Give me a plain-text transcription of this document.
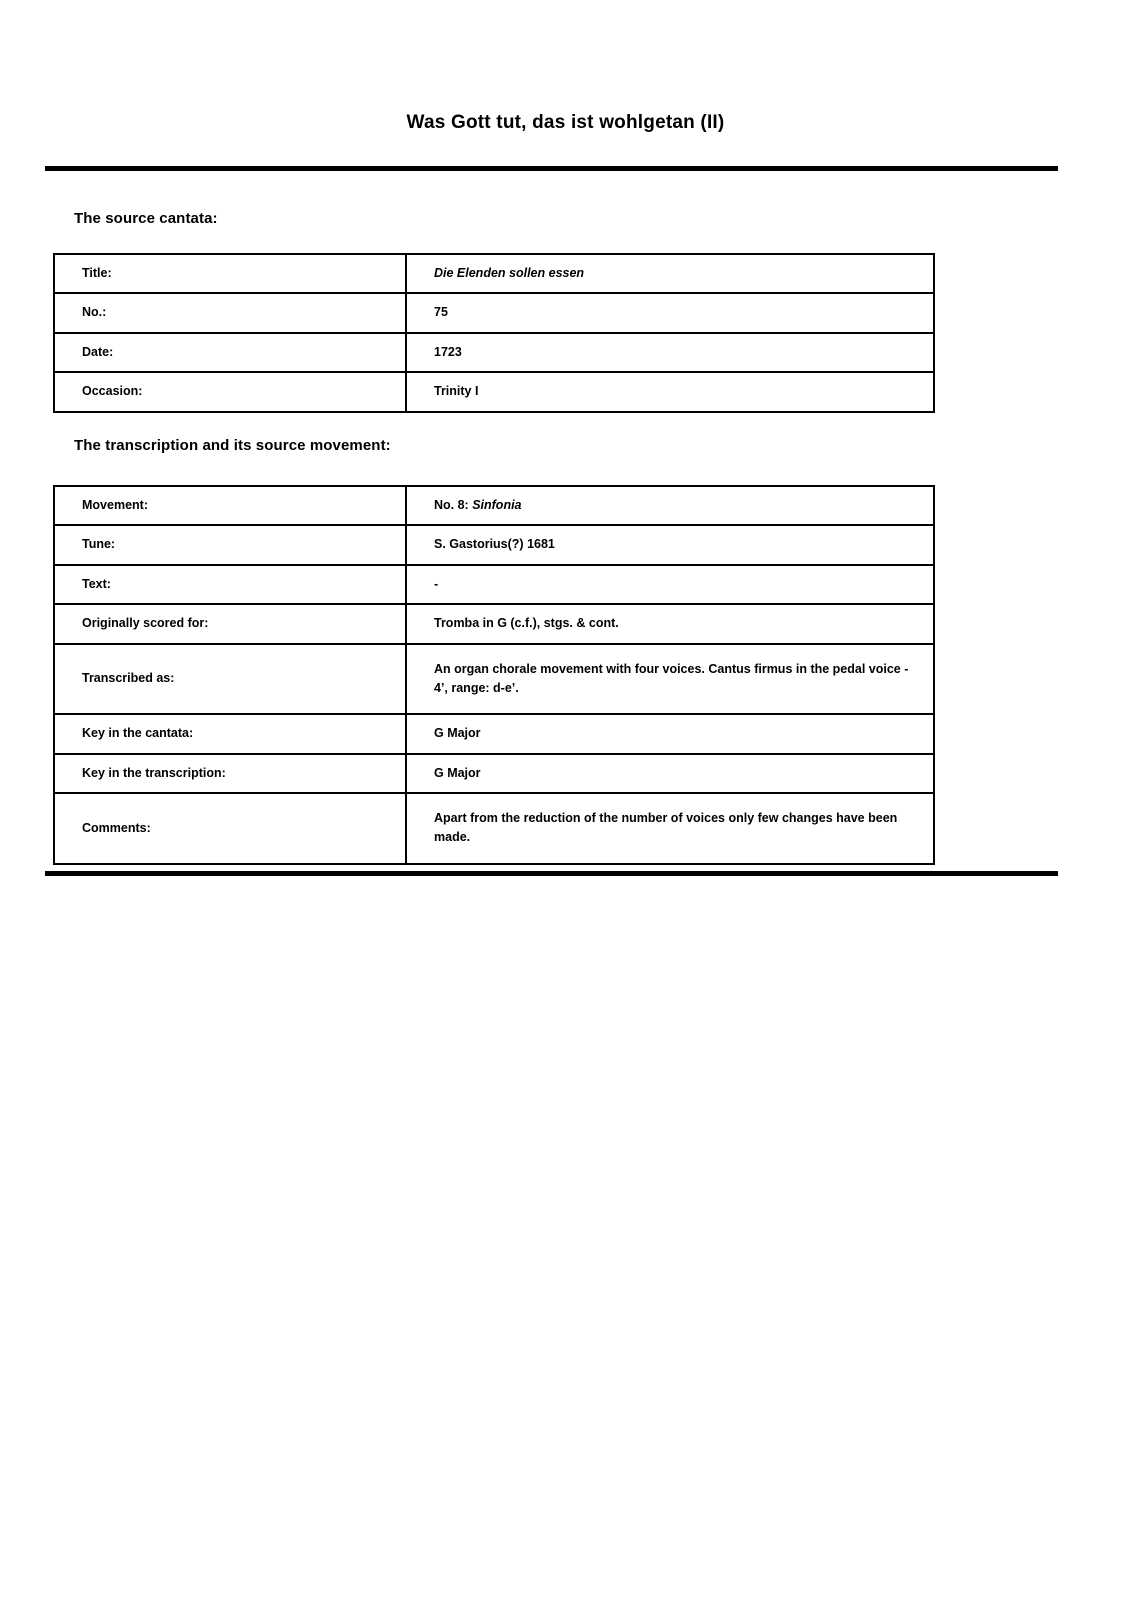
Was Gott tut, das ist wohlgetan (II)
The source cantata:
Title:	Die Elenden sollen essen
No.:	75
Date:	1723
Occasion:	Trinity I
The transcription and its source movement:
Movement:	No. 8: Sinfonia
Tune:	S. Gastorius(?) 1681
Text:	-
Originally scored for:	Tromba in G (c.f.), stgs. & cont.
Transcribed as:	An organ chorale movement with four voices. Cantus firmus in the pedal voice - 4’, range: d-e’.
Key in the cantata:	G Major
Key in the transcription:	G Major
Comments:	Apart from the reduction of the number of voices only few changes have been made.
